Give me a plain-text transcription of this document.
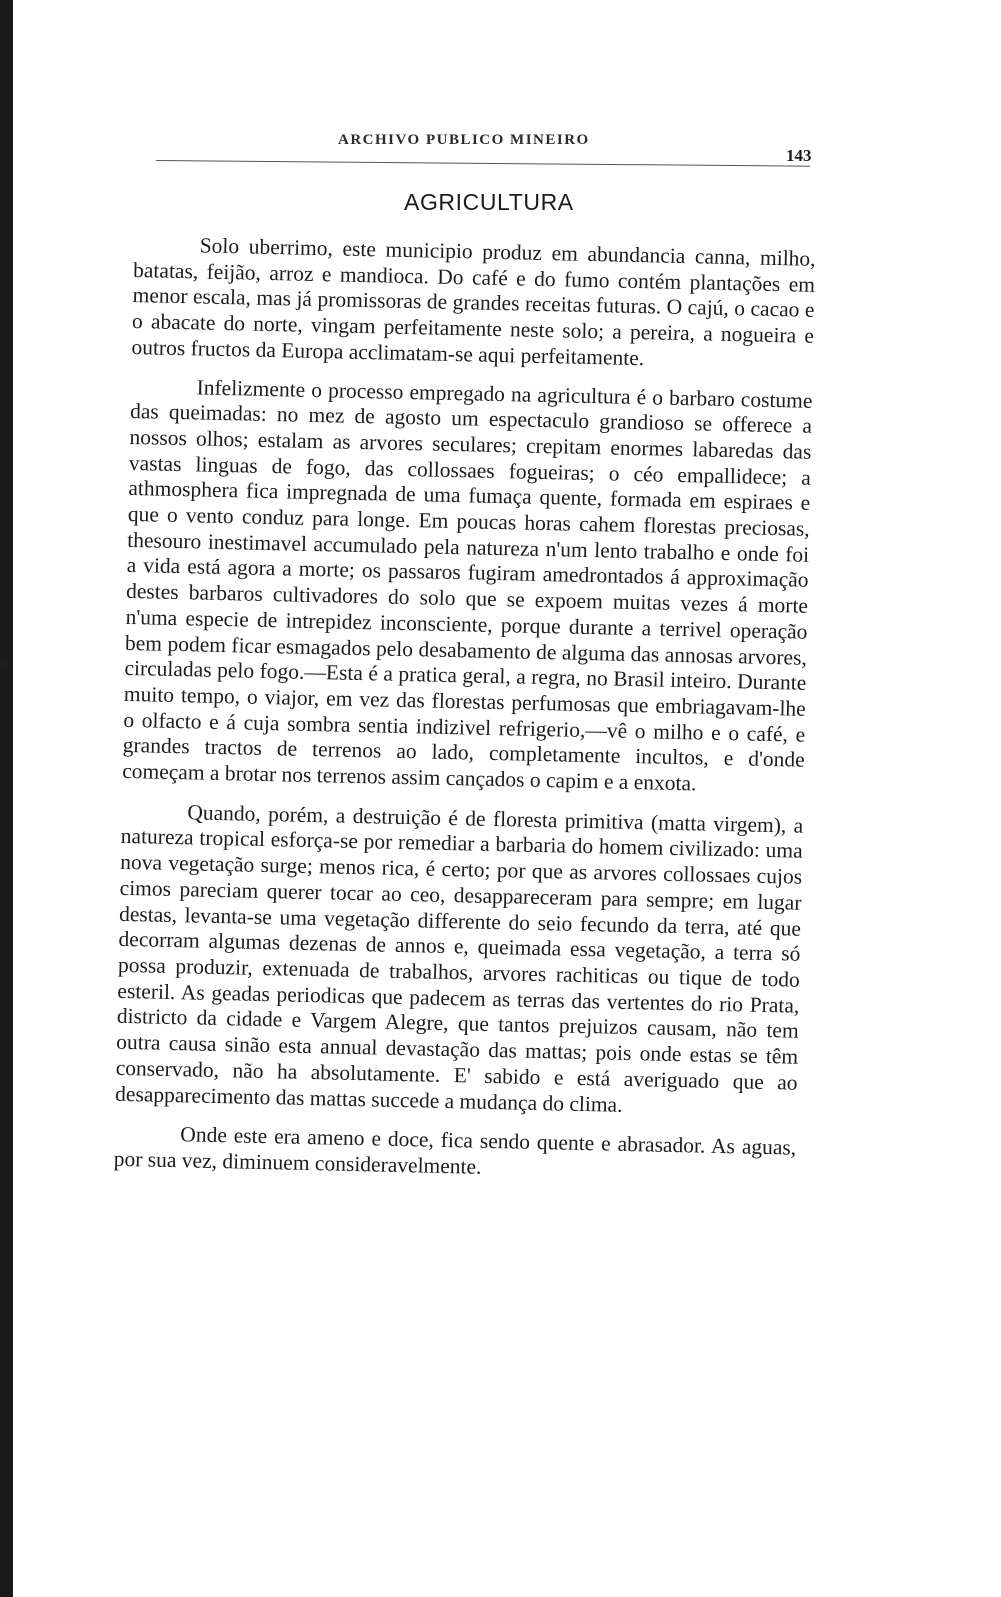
ARCHIVO PUBLICO MINEIRO
143
AGRICULTURA

Solo uberrimo, este municipio produz em abundancia canna, milho, batatas, feijão, arroz e mandioca. Do café e do fumo contém plantações em menor escala, mas já promissoras de grandes receitas futuras. O cajú, o cacao e o abacate do norte, vingam perfeitamente neste solo; a pereira, a nogueira e outros fructos da Europa acclimatam-se aqui perfeitamente.

Infelizmente o processo empregado na agricultura é o barbaro costume das queimadas: no mez de agosto um espectaculo grandioso se offerece a nossos olhos; estalam as arvores seculares; crepitam enormes labaredas das vastas linguas de fogo, das collossaes fogueiras; o céo empallidece; a athmosphera fica impregnada de uma fumaça quente, formada em espiraes e que o vento conduz para longe. Em poucas horas cahem florestas preciosas, thesouro inestimavel accumulado pela natureza n'um lento trabalho e onde foi a vida está agora a morte; os passaros fugiram amedrontados á approximação destes barbaros cultivadores do solo que se expoem muitas vezes á morte n'uma especie de intrepidez inconsciente, porque durante a terrivel operação bem podem ficar esmagados pelo desabamento de alguma das annosas arvores, circuladas pelo fogo.—Esta é a pratica geral, a regra, no Brasil inteiro. Durante muito tempo, o viajor, em vez das florestas perfumosas que embriagavam-lhe o olfacto e á cuja sombra sentia indizivel refrigerio,—vê o milho e o café, e grandes tractos de terrenos ao lado, completamente incultos, e d'onde começam a brotar nos terrenos assim cançados o capim e a enxota.

Quando, porém, a destruição é de floresta primitiva (matta virgem), a natureza tropical esforça-se por remediar a barbaria do homem civilizado: uma nova vegetação surge; menos rica, é certo; por que as arvores collossaes cujos cimos pareciam querer tocar ao ceo, desappareceram para sempre; em lugar destas, levanta-se uma vegetação differente do seio fecundo da terra, até que decorram algumas dezenas de annos e, queimada essa vegetação, a terra só possa produzir, extenuada de trabalhos, arvores rachiticas ou tique de todo esteril. As geadas periodicas que padecem as terras das vertentes do rio Prata, districto da cidade e Vargem Alegre, que tantos prejuizos causam, não tem outra causa sinão esta annual devastação das mattas; pois onde estas se têm conservado, não ha absolutamente. E' sabido e está averiguado que ao desapparecimento das mattas succede a mudança do clima.

Onde este era ameno e doce, fica sendo quente e abrasador. As aguas, por sua vez, diminuem consideravelmente.
